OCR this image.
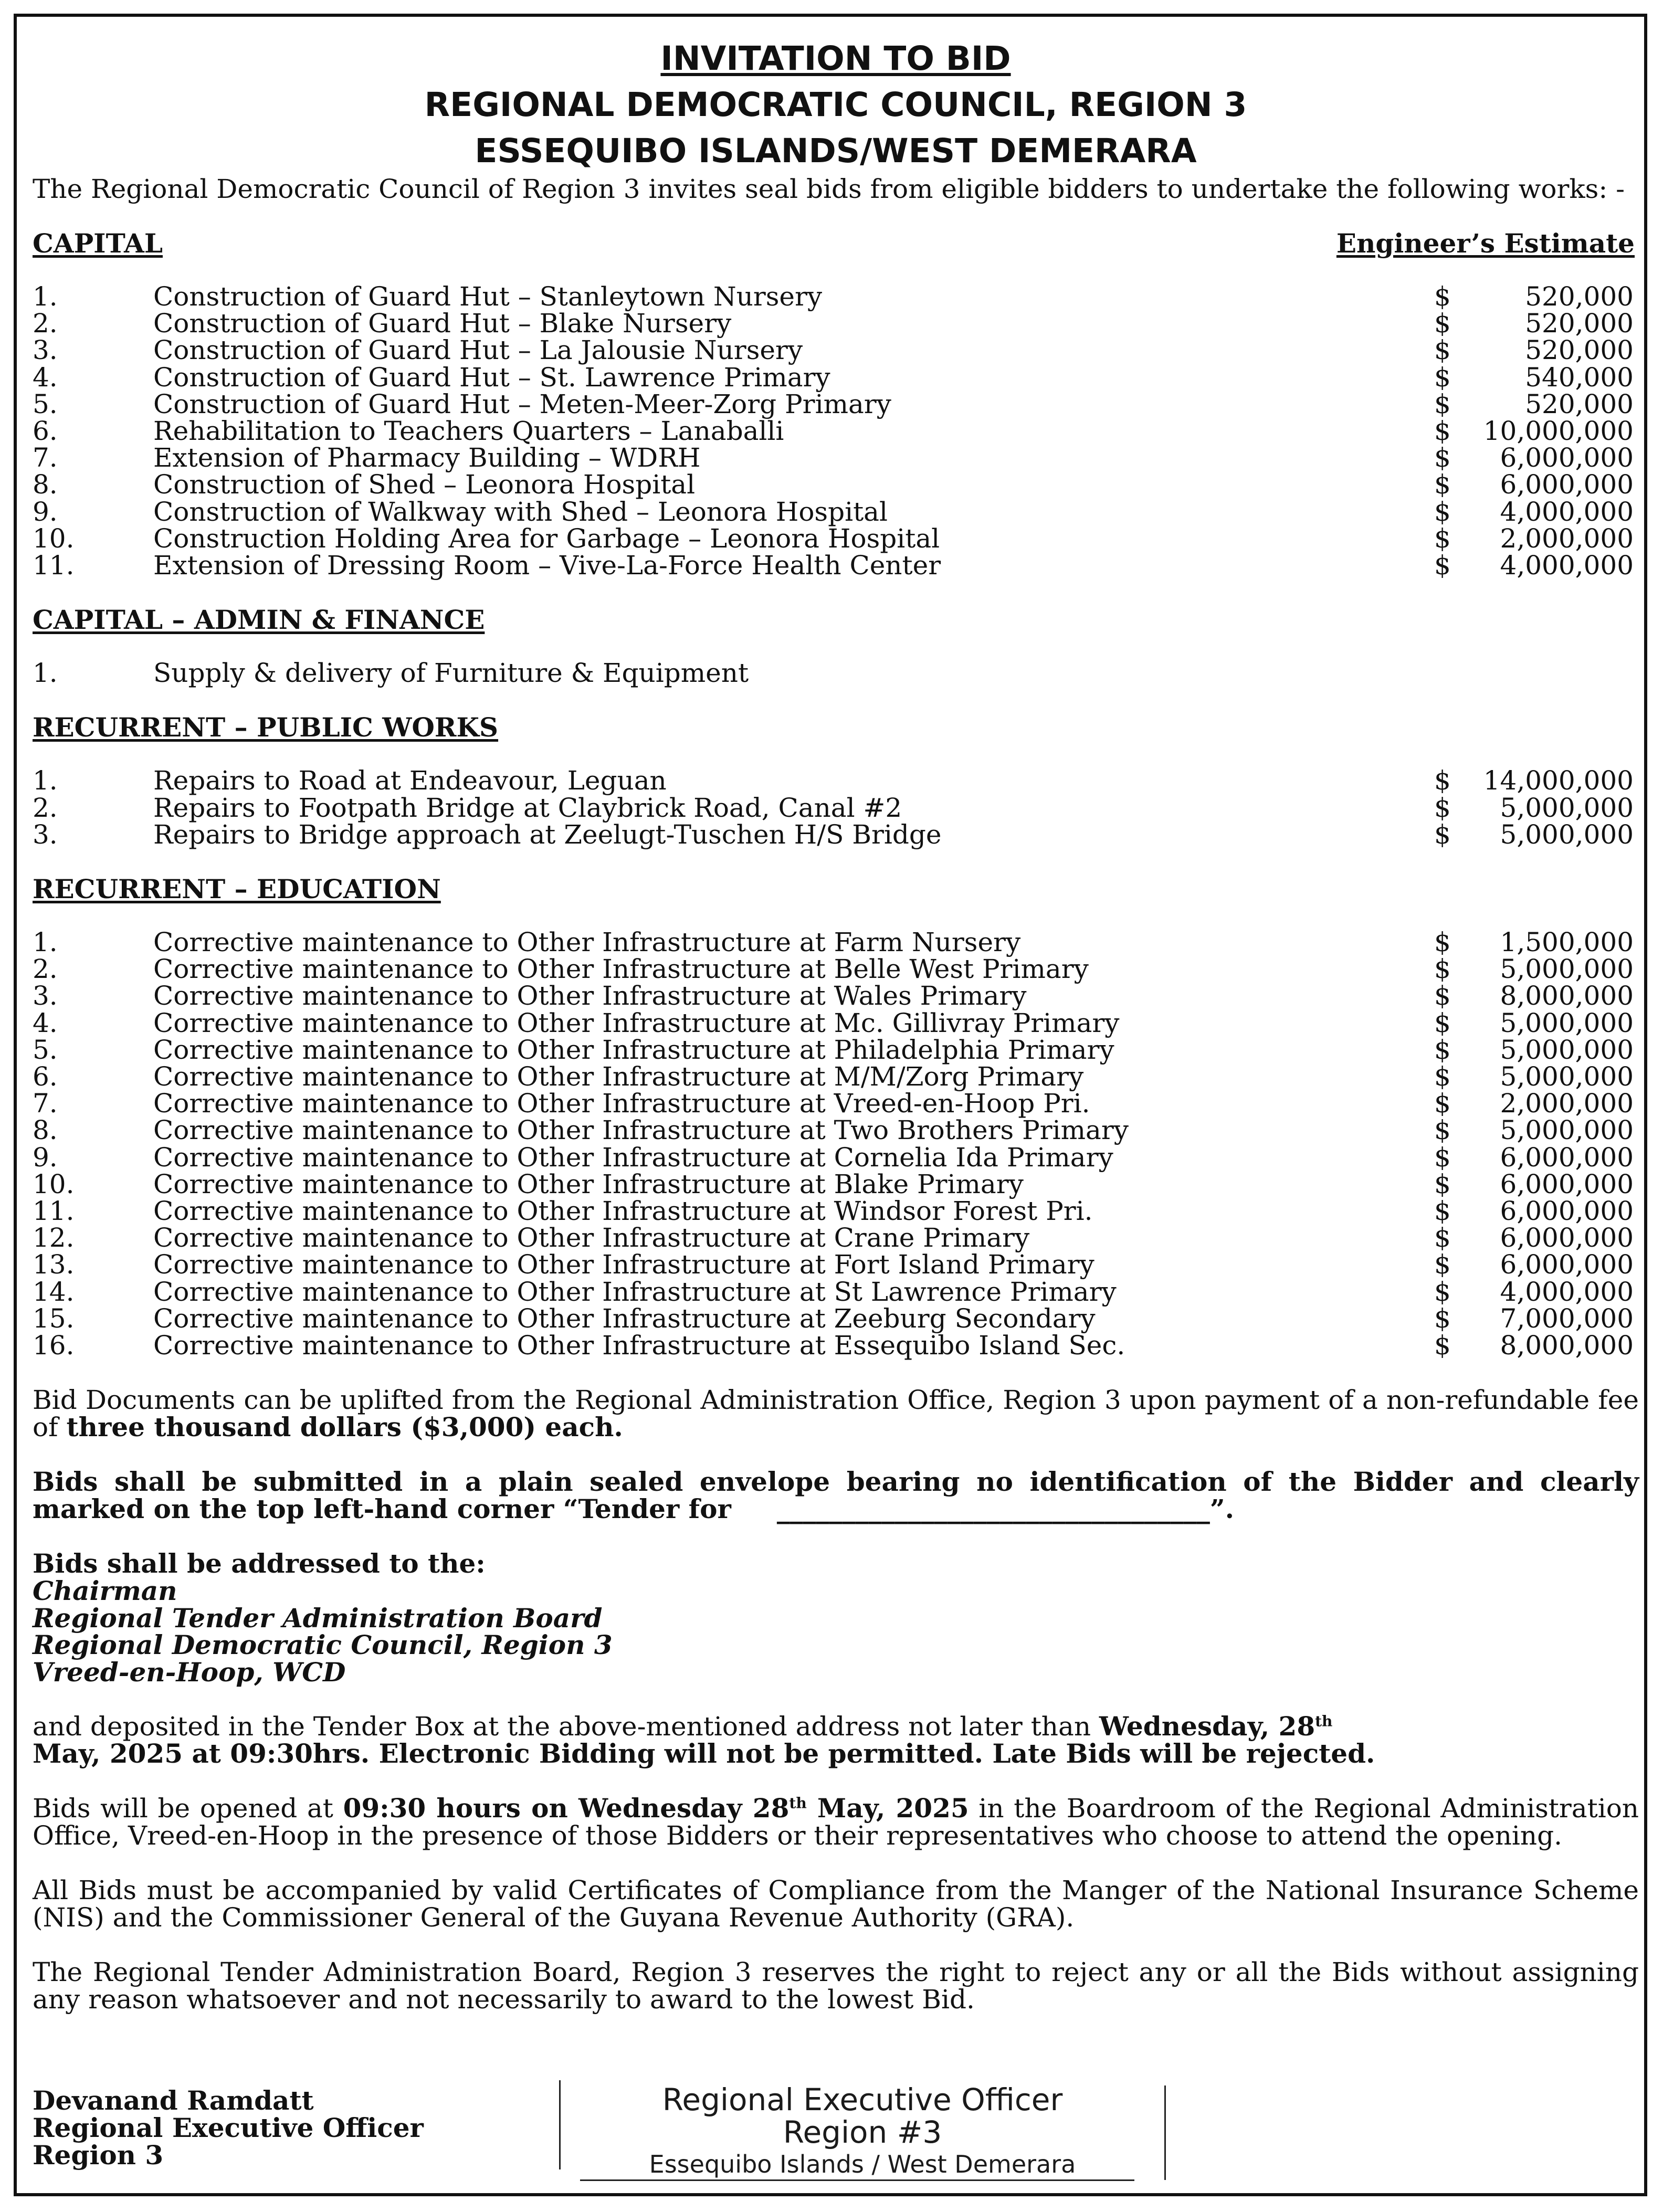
INVITATION TO BID
REGIONAL DEMOCRATIC COUNCIL, REGION 3
ESSEQUIBO ISLANDS/WEST DEMERARA

The Regional Democratic Council of Region 3 invites seal bids from eligible bidders to undertake the following works: -

CAPITAL	Engineer’s Estimate
1.	Construction of Guard Hut – Stanleytown Nursery	$	520,000
2.	Construction of Guard Hut – Blake Nursery	$	520,000
3.	Construction of Guard Hut – La Jalousie Nursery	$	520,000
4.	Construction of Guard Hut – St. Lawrence Primary	$	540,000
5.	Construction of Guard Hut – Meten-Meer-Zorg Primary	$	520,000
6.	Rehabilitation to Teachers Quarters – Lanaballi	$ 10,000,000
7.	Extension of Pharmacy Building – WDRH	$ 6,000,000
8.	Construction of Shed – Leonora Hospital	$ 6,000,000
9.	Construction of Walkway with Shed – Leonora Hospital	$ 4,000,000
10.	Construction Holding Area for Garbage – Leonora Hospital	$ 2,000,000
11.	Extension of Dressing Room – Vive-La-Force Health Center	$ 4,000,000
CAPITAL – ADMIN & FINANCE
1.	Supply & delivery of Furniture & Equipment
RECURRENT – PUBLIC WORKS
1.	Repairs to Road at Endeavour, Leguan	$ 14,000,000
2.	Repairs to Footpath Bridge at Claybrick Road, Canal #2	$ 5,000,000
3.	Repairs to Bridge approach at Zeelugt-Tuschen H/S Bridge	$ 5,000,000
RECURRENT – EDUCATION
1.	Corrective maintenance to Other Infrastructure at Farm Nursery	$ 1,500,000
2.	Corrective maintenance to Other Infrastructure at Belle West Primary	$ 5,000,000
3.	Corrective maintenance to Other Infrastructure at Wales Primary	$ 8,000,000
4.	Corrective maintenance to Other Infrastructure at Mc. Gillivray Primary	$ 5,000,000
5.	Corrective maintenance to Other Infrastructure at Philadelphia Primary	$ 5,000,000
6.	Corrective maintenance to Other Infrastructure at M/M/Zorg Primary	$ 5,000,000
7.	Corrective maintenance to Other Infrastructure at Vreed-en-Hoop Pri.	$ 2,000,000
8.	Corrective maintenance to Other Infrastructure at Two Brothers Primary	$ 5,000,000
9.	Corrective maintenance to Other Infrastructure at Cornelia Ida Primary	$ 6,000,000
10.	Corrective maintenance to Other Infrastructure at Blake Primary	$ 6,000,000
11.	Corrective maintenance to Other Infrastructure at Windsor Forest Pri.	$ 6,000,000
12.	Corrective maintenance to Other Infrastructure at Crane Primary	$ 6,000,000
13.	Corrective maintenance to Other Infrastructure at Fort Island Primary	$ 6,000,000
14.	Corrective maintenance to Other Infrastructure at St Lawrence Primary	$ 4,000,000
15.	Corrective maintenance to Other Infrastructure at Zeeburg Secondary	$ 7,000,000
16.	Corrective maintenance to Other Infrastructure at Essequibo Island Sec.	$ 8,000,000

Bid Documents can be uplifted from the Regional Administration Office, Region 3 upon payment of a non-refundable fee of three thousand dollars ($3,000) each.

Bids shall be submitted in a plain sealed envelope bearing no identification of the Bidder and clearly marked on the top left-hand corner “Tender for _________________________________”.

Bids shall be addressed to the:

Chairman
Regional Tender Administration Board
Regional Democratic Council, Region 3
Vreed-en-Hoop, WCD

and deposited in the Tender Box at the above-mentioned address not later than Wednesday, 28th
May, 2025 at 09:30hrs. Electronic Bidding will not be permitted. Late Bids will be rejected.

Bids will be opened at 09:30 hours on Wednesday 28th May, 2025 in the Boardroom of the Regional Administration Office, Vreed-en-Hoop in the presence of those Bidders or their representatives who choose to attend the opening.

All Bids must be accompanied by valid Certificates of Compliance from the Manger of the National Insurance Scheme (NIS) and the Commissioner General of the Guyana Revenue Authority (GRA).

The Regional Tender Administration Board, Region 3 reserves the right to reject any or all the Bids without assigning any reason whatsoever and not necessarily to award to the lowest Bid.

Devanand Ramdatt
Regional Executive Officer
Region 3
Regional Executive Officer
Region #3
Essequibo Islands / West Demerara
